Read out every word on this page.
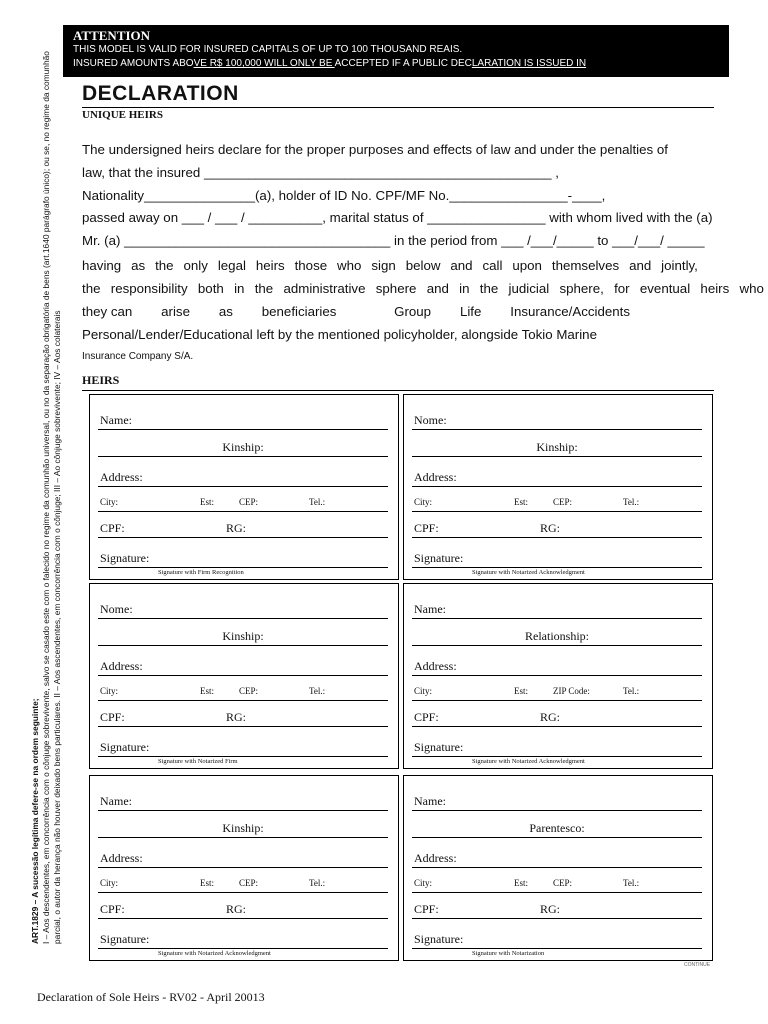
ATTENTION
THIS MODEL IS VALID FOR INSURED CAPITALS OF UP TO 100 THOUSAND REAIS.
INSURED AMOUNTS ABOVE R$ 100,000 WILL ONLY BE ACCEPTED IF A PUBLIC DECLARATION IS ISSUED IN
DECLARATION
UNIQUE HEIRS
The undersigned heirs declare for the proper purposes and effects of law and under the penalties of
law, that the insured _______________________________________________ ,
Nationality_______________(a), holder of ID No. CPF/MF No.________________-____,
passed away on ___ / ___ / __________, marital status of ________________ with whom lived with the (a)
Mr. (a) ____________________________________ in the period from ___ /___/_____ to ___/___/ _____
having as the only legal heirs those who sign below and call upon themselves and jointly,
the responsibility both in the administrative sphere and in the judicial sphere, for eventual heirs who
they can arise as beneficiaries	Group Life Insurance/Accidents
Personal/Lender/Educational left by the mentioned policyholder, alongside Tokio Marine
Insurance Company S/A.
HEIRS
Name:
Kinship:
Address:
City:	Est:	CEP:	Tel.:
CPF:	RG:
Signature:
Signature with Firm Recognition
Nome:
Kinship:
Address:
City:	Est:	CEP:	Tel.:
CPF:	RG:
Signature:
Signature with Notarized Acknowledgment
Nome:
Kinship:
Address:
City:	Est:	CEP:	Tel.:
CPF:	RG:
Signature:
Signature with Notarized Firm
Name:
Relationship:
Address:
City:	Est:	ZIP Code:	Tel.:
CPF:	RG:
Signature:
Signature with Notarized Acknowledgment
Name:
Kinship:
Address:
City:	Est:	CEP:	Tel.:
CPF:	RG:
Signature:
Signature with Notarized Acknowledgment
Name:
Parentesco:
Address:
City:	Est:	CEP:	Tel.:
CPF:	RG:
Signature:
Signature with Notarization
ART.1829 – A sucessão legítima defere-se na ordem seguinte; I – Aos descendentes, em concorrência com o cônjuge sobrevivente, salvo se casado este com o falecido no regime da comunhão universal, ou no da separação obrigatória de bens (art.1640 parágrafo único); ou se, no regime da comunhão parcial, o autor da herança não houver deixado bens particulares. II – Aos ascendentes, em concorrência com o cônjuge; III – Ao cônjuge sobrevivente; IV – Aos colaterais
CONTINUE
Declaration of Sole Heirs - RV02 - April 20013
